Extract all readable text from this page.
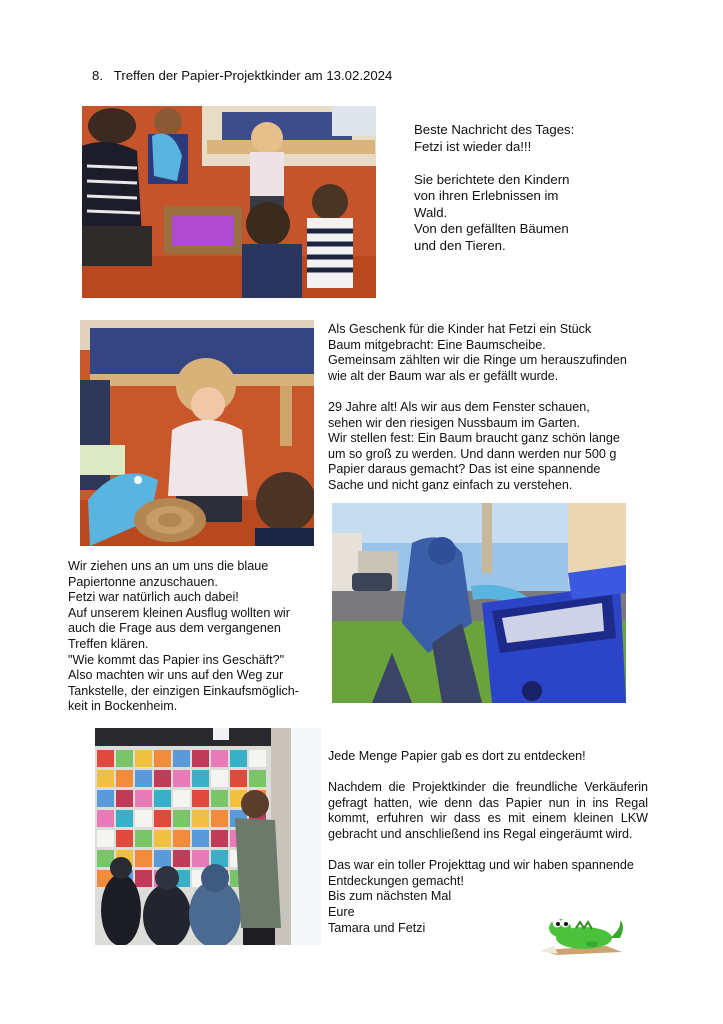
8. Treffen der Papier-Projektkinder am 13.02.2024

Beste Nachricht des Tages:

Fetzi ist wieder da!!!

Sie berichtete den Kindern

von ihren Erlebnissen im

Wald.

Von den gefällten Bäumen

und den Tieren.

Als Geschenk für die Kinder hat Fetzi ein Stück

Baum mitgebracht: Eine Baumscheibe.

Gemeinsam zählten wir die Ringe um herauszufinden

wie alt der Baum war als er gefällt wurde.

29 Jahre alt! Als wir aus dem Fenster schauen,

sehen wir den riesigen Nussbaum im Garten.

Wir stellen fest: Ein Baum braucht ganz schön lange

um so groß zu werden. Und dann werden nur 500 g

Papier daraus gemacht? Das ist eine spannende

Sache und nicht ganz einfach zu verstehen.

Wir ziehen uns an um uns die blaue

Papiertonne anzuschauen.

Fetzi war natürlich auch dabei!

Auf unserem kleinen Ausflug wollten wir

auch die Frage aus dem vergangenen

Treffen klären.

"Wie kommt das Papier ins Geschäft?"

Also machten wir uns auf den Weg zur

Tankstelle, der einzigen Einkaufsmöglich-

keit in Bockenheim.

Jede Menge Papier gab es dort zu entdecken!

Nachdem die Projektkinder die freundliche Verkäuferin gefragt hatten, wie denn das Papier nun in ins Regal kommt, erfuhren wir dass es mit einem kleinen LKW gebracht und anschließend ins Regal eingeräumt wird.

Das war ein toller Projekttag und wir haben spannende

Entdeckungen gemacht!

Bis zum nächsten Mal

Eure

Tamara und Fetzi
